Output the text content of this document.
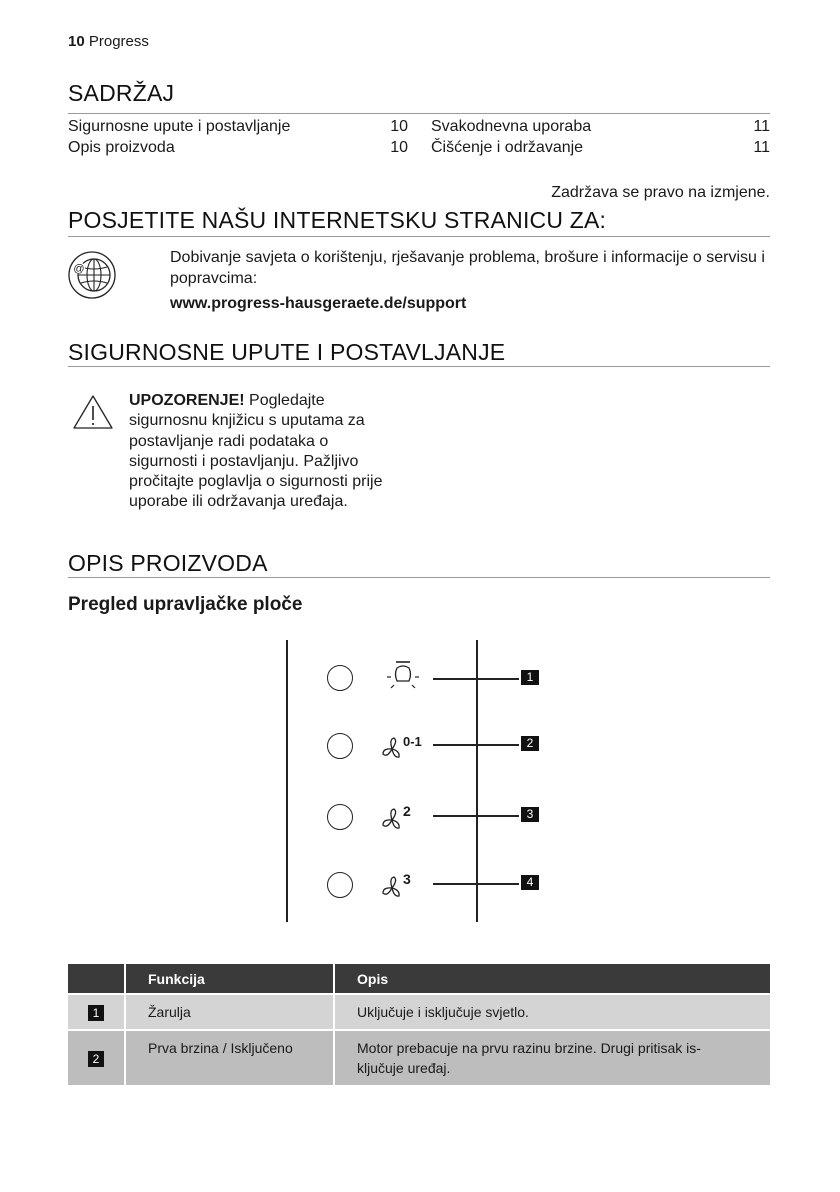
10 Progress
SADRŽAJ
Sigurnosne upute i postavljanje	10
Opis proizvoda	10
Svakodnevna uporaba	11
Čišćenje i održavanje	11
Zadržava se pravo na izmjene.
POSJETITE NAŠU INTERNETSKU STRANICU ZA:
@
Dobivanje savjeta o korištenju, rješavanje problema, brošure i informacije o servisu i popravcima:
www.progress-hausgeraete.de/support
SIGURNOSNE UPUTE I POSTAVLJANJE
UPOZORENJE! Pogledajte sigurnosnu knjižicu s uputama za postavljanje radi podataka o sigurnosti i postavljanju. Pažljivo pročitajte poglavlja o sigurnosti prije uporabe ili održavanja uređaja.
OPIS PROIZVODA
Pregled upravljačke ploče
0-1
2
3
1
2
3
4
	Funkcija	Opis
1	Žarulja	Uključuje i isključuje svjetlo.
2	Prva brzina / Isključeno	Motor prebacuje na prvu razinu brzine. Drugi pritisak is- ključuje uređaj.
